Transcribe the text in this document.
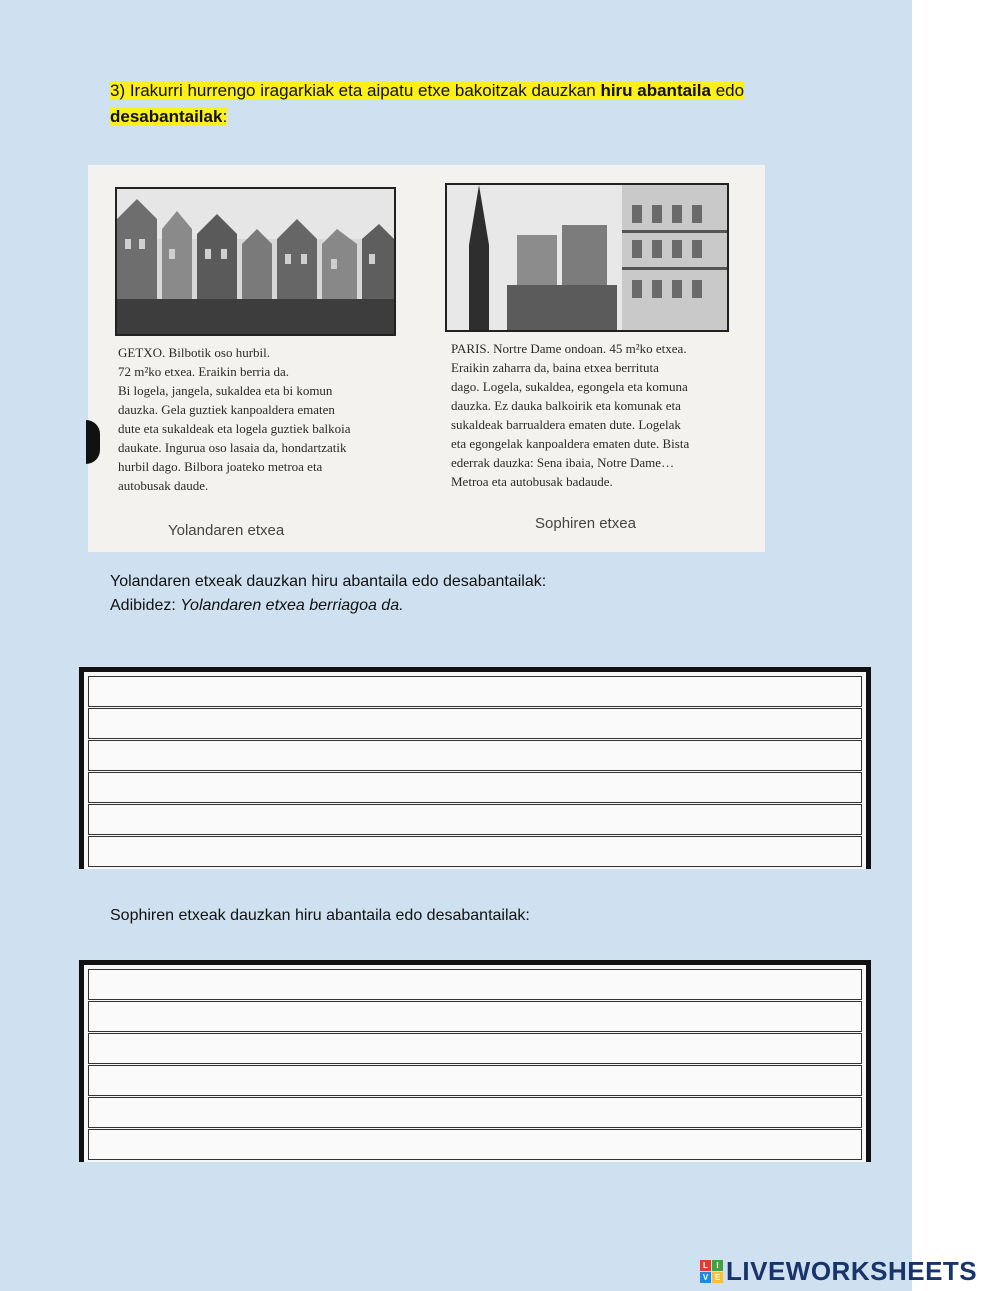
3) Irakurri hurrengo iragarkiak eta aipatu etxe bakoitzak dauzkan hiru abantaila edo desabantailak:
GETXO. Bilbotik oso hurbil.
72 m²ko etxea. Eraikin berria da.
Bi logela, jangela, sukaldea eta bi komun
dauzka. Gela guztiek kanpoaldera ematen
dute eta sukaldeak eta logela guztiek balkoia
daukate. Ingurua oso lasaia da, hondartzatik
hurbil dago. Bilbora joateko metroa eta
autobusak daude.
Yolandaren etxea
PARIS. Nortre Dame ondoan. 45 m²ko etxea.
Eraikin zaharra da, baina etxea berrituta
dago. Logela, sukaldea, egongela eta komuna
dauzka. Ez dauka balkoirik eta komunak eta
sukaldeak barrualdera ematen dute. Logelak
eta egongelak kanpoaldera ematen dute. Bista
ederrak dauzka: Sena ibaia, Notre Dame…
Metroa eta autobusak badaude.
Sophiren etxea
Yolandaren etxeak dauzkan hiru abantaila edo desabantailak:
Adibidez: Yolandaren etxea berriagoa da.
Sophiren etxeak dauzkan hiru abantaila edo desabantailak:
L	I
V E LIVEWORKSHEETS
